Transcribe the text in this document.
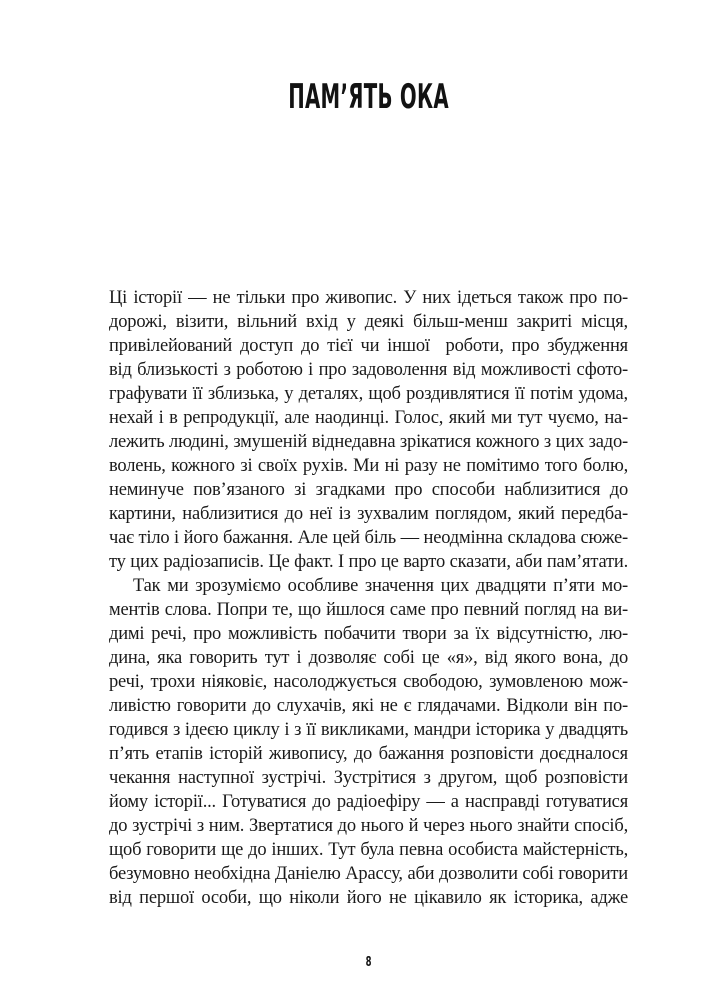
ПАМ’ЯТЬ ОКА
Ці історії — не тільки про живопис. У них ідеться також про по-
дорожі, візити, вільний вхід у деякі більш-менш закриті місця,
привілейований доступ до тієї чи іншої  роботи, про збудження
від близькості з роботою і про задоволення від можливості сфото-
графувати її зблизька, у деталях, щоб роздивлятися її потім удома,
нехай і в репродукції, але наодинці. Голос, який ми тут чуємо, на-
лежить людині, змушеній віднедавна зрікатися кожного з цих задо-
волень, кожного зі своїх рухів. Ми ні разу не помітимо того болю,
неминуче пов’язаного зі згадками про способи наблизитися до
картини, наблизитися до неї із зухвалим поглядом, який передба-
чає тіло і його бажання. Але цей біль — неодмінна складова сюже-
ту цих радіозаписів. Це факт. І про це варто сказати, аби пам’ятати.
Так ми зрозуміємо особливе значення цих двадцяти п’яти мо-
ментів слова. Попри те, що йшлося саме про певний погляд на ви-
димі речі, про можливість побачити твори за їх відсутністю, лю-
дина, яка говорить тут і дозволяє собі це «я», від якого вона, до
речі, трохи ніяковіє, насолоджується свободою, зумовленою мож-
ливістю говорити до слухачів, які не є глядачами. Відколи він по-
годився з ідеєю циклу і з її викликами, мандри історика у двадцять
п’ять етапів історій живопису, до бажання розповісти доєдналося
чекання наступної зустрічі. Зустрітися з другом, щоб розповісти
йому історії... Готуватися до радіоефіру — а насправді готуватися
до зустрічі з ним. Звертатися до нього й через нього знайти спосіб,
щоб говорити ще до інших. Тут була певна особиста майстерність,
безумовно необхідна Даніелю Арассу, аби дозволити собі говорити
від першої особи, що ніколи його не цікавило як історика, адже
8
